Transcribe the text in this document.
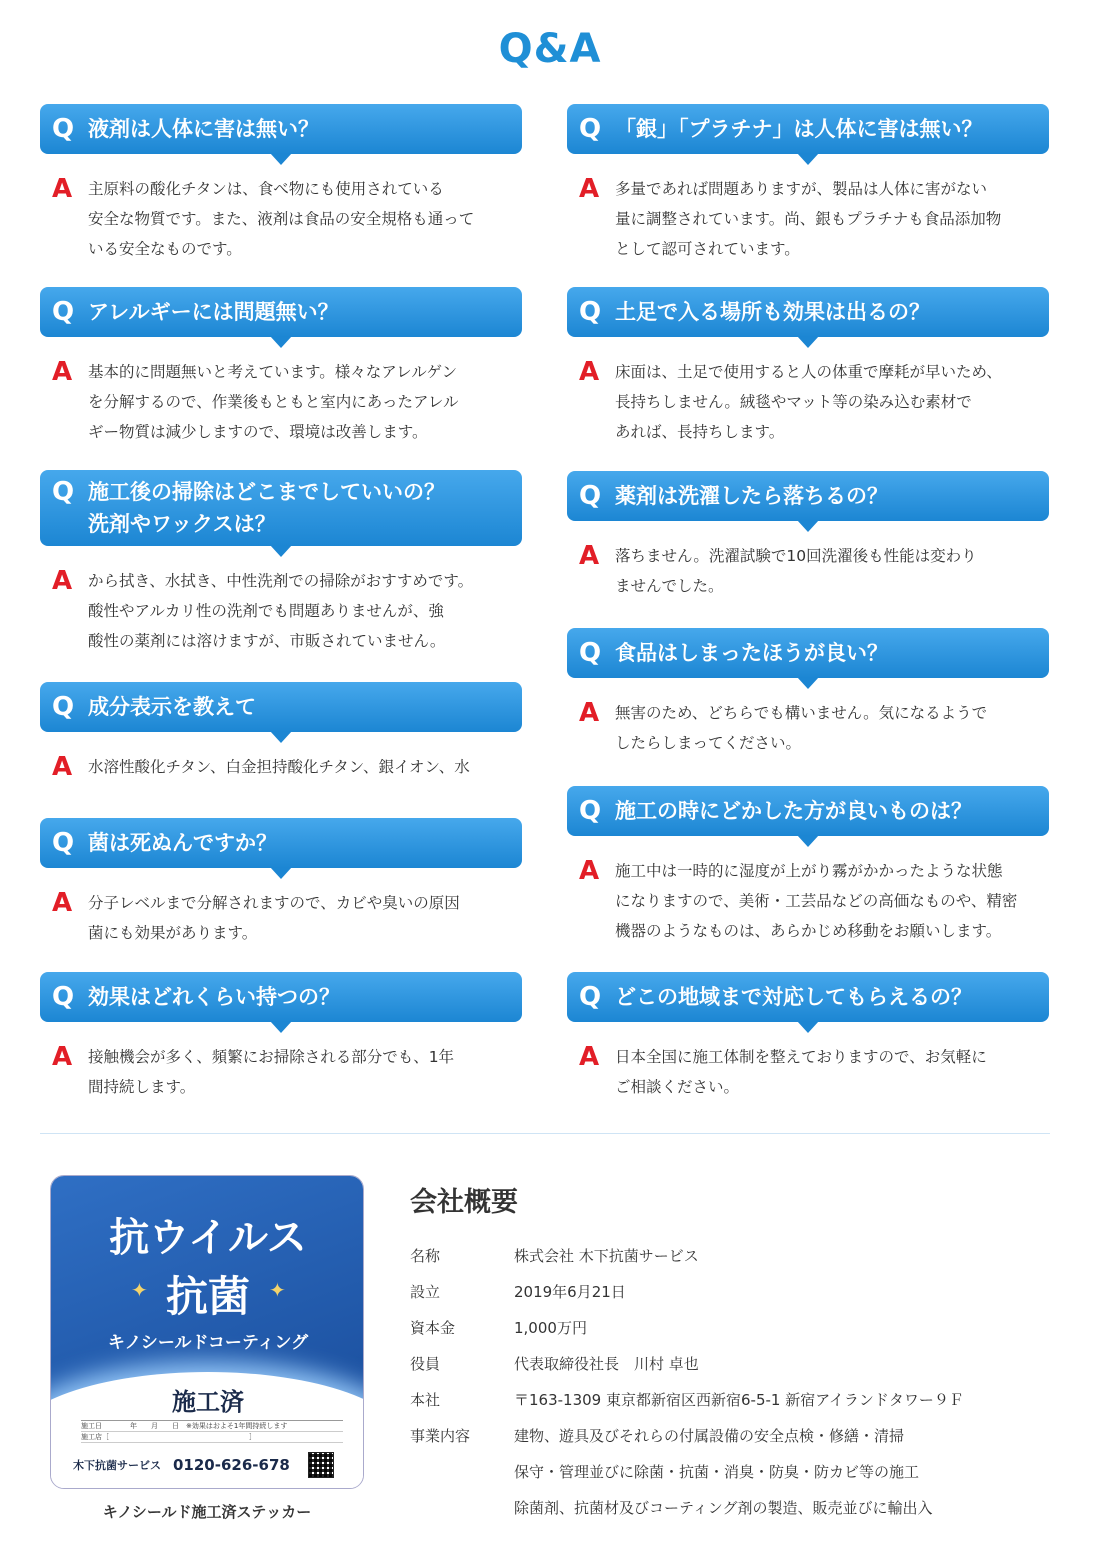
Q&A
Q 液剤は人体に害は無い？
A	主原料の酸化チタンは、食べ物にも使用されている
安全な物質です。また、液剤は食品の安全規格も通って
いる安全なものです。
Q アレルギーには問題無い？
A	基本的に問題無いと考えています。様々なアレルゲン
を分解するので、作業後もともと室内にあったアレル
ギー物質は減少しますので、環境は改善します。
Q 施工後の掃除はどこまでしていいの？
洗剤やワックスは？
A	から拭き、水拭き、中性洗剤での掃除がおすすめです。
酸性やアルカリ性の洗剤でも問題ありませんが、強
酸性の薬剤には溶けますが、市販されていません。
Q 成分表示を教えて
A	水溶性酸化チタン、白金担持酸化チタン、銀イオン、水
Q 菌は死ぬんですか？
A	分子レベルまで分解されますので、カビや臭いの原因
菌にも効果があります。
Q 効果はどれくらい持つの？
A	接触機会が多く、頻繁にお掃除される部分でも、1年
間持続します。
Q 「銀」「プラチナ」は人体に害は無い？
A	多量であれば問題ありますが、製品は人体に害がない
量に調整されています。尚、銀もプラチナも食品添加物
として認可されています。
Q 土足で入る場所も効果は出るの？
A	床面は、土足で使用すると人の体重で摩耗が早いため、
長持ちしません。絨毯やマット等の染み込む素材で
あれば、長持ちします。
Q 薬剤は洗濯したら落ちるの？
A	落ちません。洗濯試験で10回洗濯後も性能は変わり
ませんでした。
Q 食品はしまったほうが良い？
A	無害のため、どちらでも構いません。気になるようで
したらしまってください。
Q 施工の時にどかした方が良いものは？
A	施工中は一時的に湿度が上がり霧がかかったような状態
になりますので、美術・工芸品などの高価なものや、精密
機器のようなものは、あらかじめ移動をお願いします。
Q どこの地域まで対応してもらえるの？
A	日本全国に施工体制を整えておりますので、お気軽に
ご相談ください。
抗ウイルス
✦ 抗菌 ✦
キノシールドコーティング
施工済
施工日　　　　年　　月　　日　※効果はおよそ1年間持続します
施工店［　　　　　　　　　　　　　　　　　　　　］
木下抗菌サービス 0120-626-678
キノシールド施工済ステッカー
会社概要
名称	株式会社 木下抗菌サービス
設立	2019年6月21日
資本金	1,000万円
役員	代表取締役社長　川村 卓也
本社	〒163-1309 東京都新宿区西新宿6-5-1 新宿アイランドタワー９Ｆ
事業内容	建物、遊具及びそれらの付属設備の安全点検・修繕・清掃
保守・管理並びに除菌・抗菌・消臭・防臭・防カビ等の施工
除菌剤、抗菌材及びコーティング剤の製造、販売並びに輸出入
